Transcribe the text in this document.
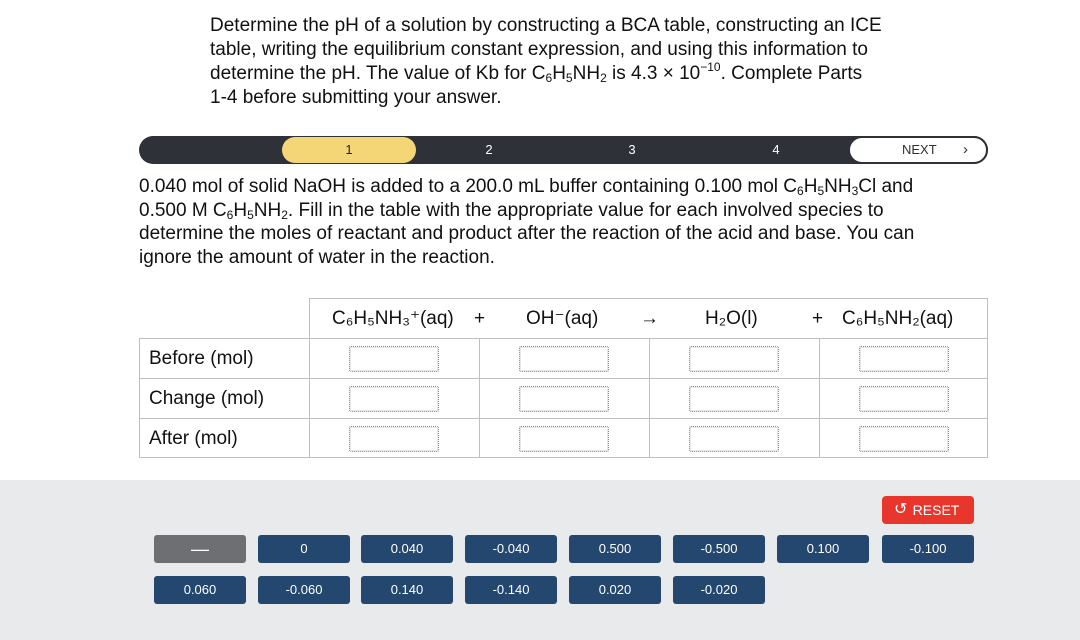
Determine the pH of a solution by constructing a BCA table, constructing an ICE
table, writing the equilibrium constant expression, and using this information to
determine the pH. The value of Kb for $C_6H_5NH_2$ is $4.3 \times 10^{-10}$. Complete Parts
1-4 before submitting your answer.
1	2	3	4	NEXT ›
0.040 mol of solid NaOH is added to a 200.0 mL buffer containing 0.100 mol $C_6H_5NH_3Cl$ and
0.500 M $C_6H_5NH_2$. Fill in the table with the appropriate value for each involved species to
determine the moles of reactant and product after the reaction of the acid and base. You can
ignore the amount of water in the reaction.
C₆H₅NH₃⁺(aq) + OH⁻(aq) → H₂O(l)	+ C₆H₅NH₂(aq)
Before (mol)
Change (mol)
After (mol)
↺ RESET
—	0	0.040	-0.040	0.500	-0.500	0.100	-0.100
0.060	-0.060	0.140	-0.140	0.020	-0.020
